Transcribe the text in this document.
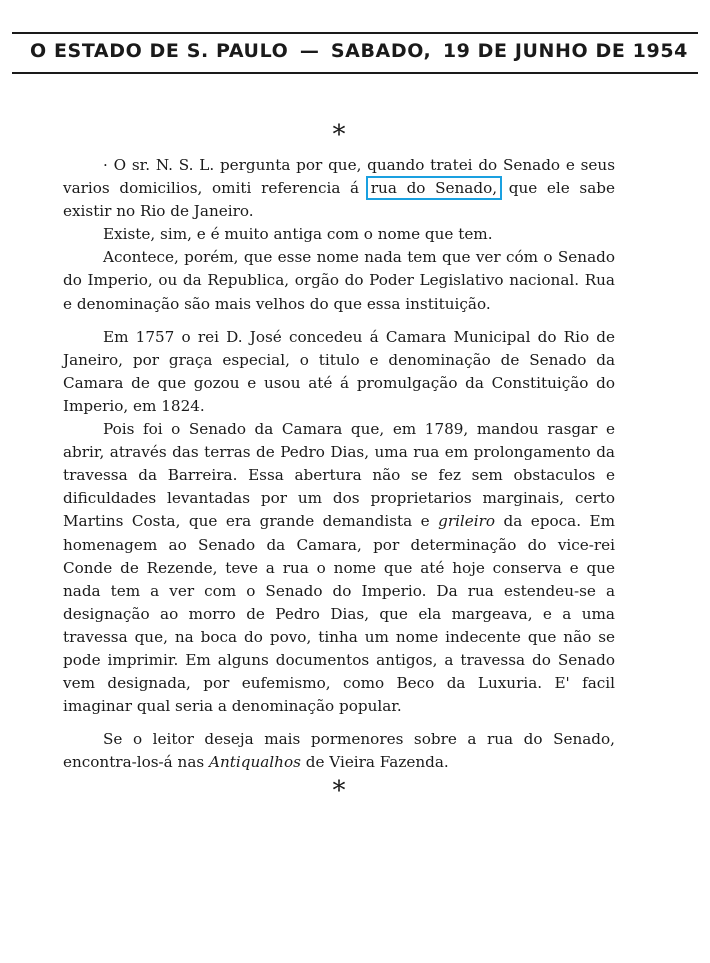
O ESTADO DE S. PAULO — SABADO, 19 DE JUNHO DE 1954
*

· O sr. N. S. L. pergunta por que, quando tratei do Senado e seus varios domicilios, omiti referencia á rua do Senado, que ele sabe existir no Rio de Janeiro.

Existe, sim, e é muito antiga com o nome que tem.

Acontece, porém, que esse nome nada tem que ver cóm o Senado do Imperio, ou da Republica, orgão do Poder Legislativo nacional. Rua e denominação são mais velhos do que essa instituição.

Em 1757 o rei D. José concedeu á Camara Municipal do Rio de Janeiro, por graça especial, o titulo e denominação de Senado da Camara de que gozou e usou até á promulgação da Constituição do Imperio, em 1824.

Pois foi o Senado da Camara que, em 1789, mandou rasgar e abrir, através das terras de Pedro Dias, uma rua em prolongamento da travessa da Barreira. Essa abertura não se fez sem obstaculos e dificuldades levantadas por um dos proprietarios marginais, certo Martins Costa, que era grande demandista e grileiro da epoca. Em homenagem ao Senado da Camara, por determinação do vice-rei Conde de Rezende, teve a rua o nome que até hoje conserva e que nada tem a ver com o Senado do Imperio. Da rua estendeu-se a designação ao morro de Pedro Dias, que ela margeava, e a uma travessa que, na boca do povo, tinha um nome indecente que não se pode imprimir. Em alguns documentos antigos, a travessa do Senado vem designada, por eufemismo, como Beco da Luxuria. E' facil imaginar qual seria a denominação popular.

Se o leitor deseja mais pormenores sobre a rua do Senado, encontra-los-á nas Antiqualhos de Vieira Fazenda.

*
